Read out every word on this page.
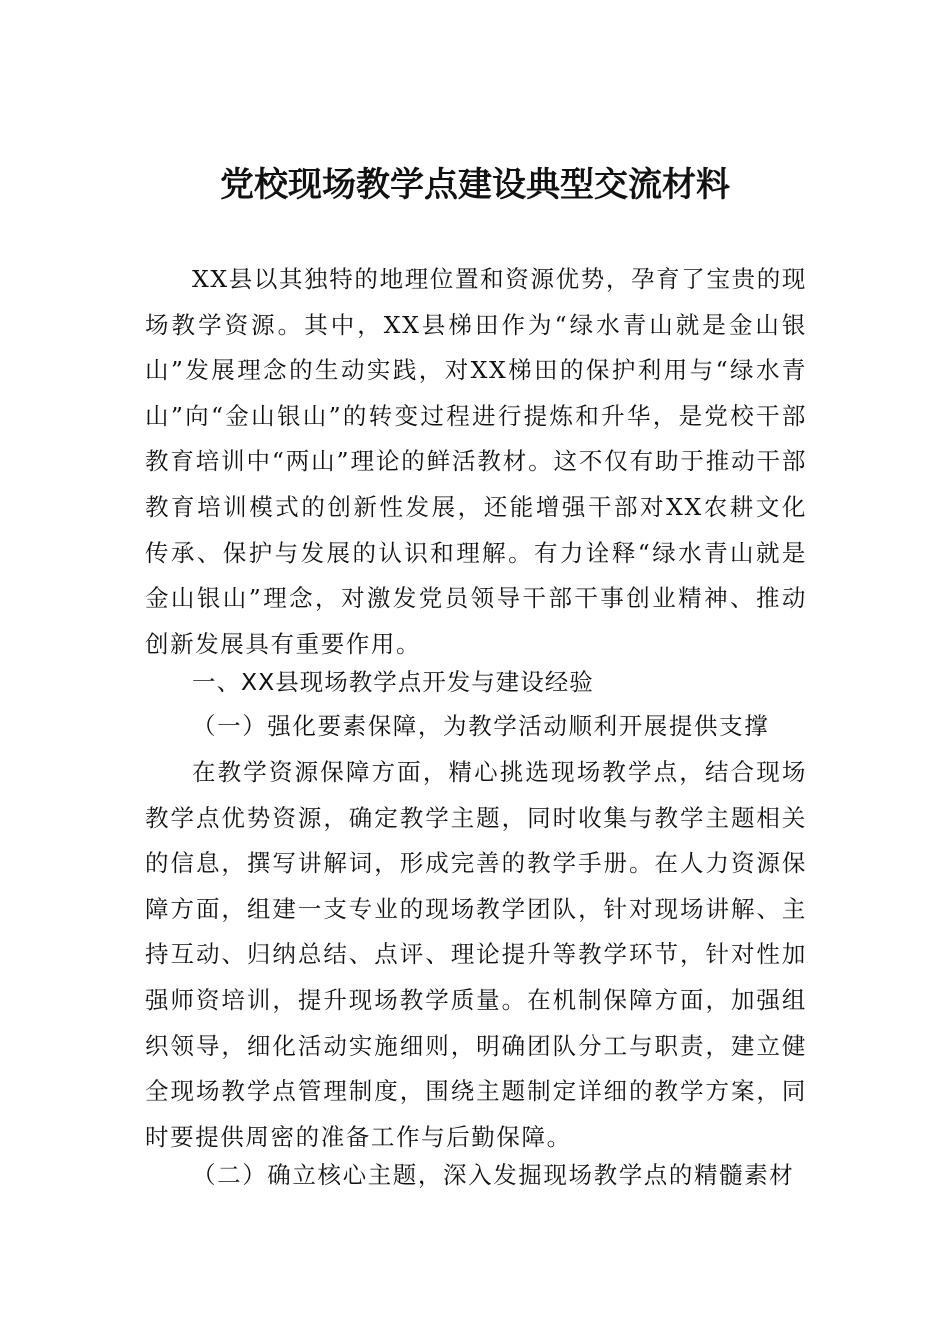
党校现场教学点建设典型交流材料

XX县以其独特的地理位置和资源优势，孕育了宝贵的现场教学资源。其中，XX县梯田作为“绿水青山就是金山银山”发展理念的生动实践，对XX梯田的保护利用与“绿水青山”向“金山银山”的转变过程进行提炼和升华，是党校干部教育培训中“两山”理论的鲜活教材。这不仅有助于推动干部教育培训模式的创新性发展，还能增强干部对XX农耕文化传承、保护与发展的认识和理解。有力诠释“绿水青山就是金山银山”理念，对激发党员领导干部干事创业精神、推动创新发展具有重要作用。

一、XX县现场教学点开发与建设经验

（一）强化要素保障，为教学活动顺利开展提供支撑

在教学资源保障方面，精心挑选现场教学点，结合现场教学点优势资源，确定教学主题，同时收集与教学主题相关的信息，撰写讲解词，形成完善的教学手册。在人力资源保障方面，组建一支专业的现场教学团队，针对现场讲解、主持互动、归纳总结、点评、理论提升等教学环节，针对性加强师资培训，提升现场教学质量。在机制保障方面，加强组织领导，细化活动实施细则，明确团队分工与职责，建立健全现场教学点管理制度，围绕主题制定详细的教学方案，同时要提供周密的准备工作与后勤保障。

（二）确立核心主题，深入发掘现场教学点的精髓素材
